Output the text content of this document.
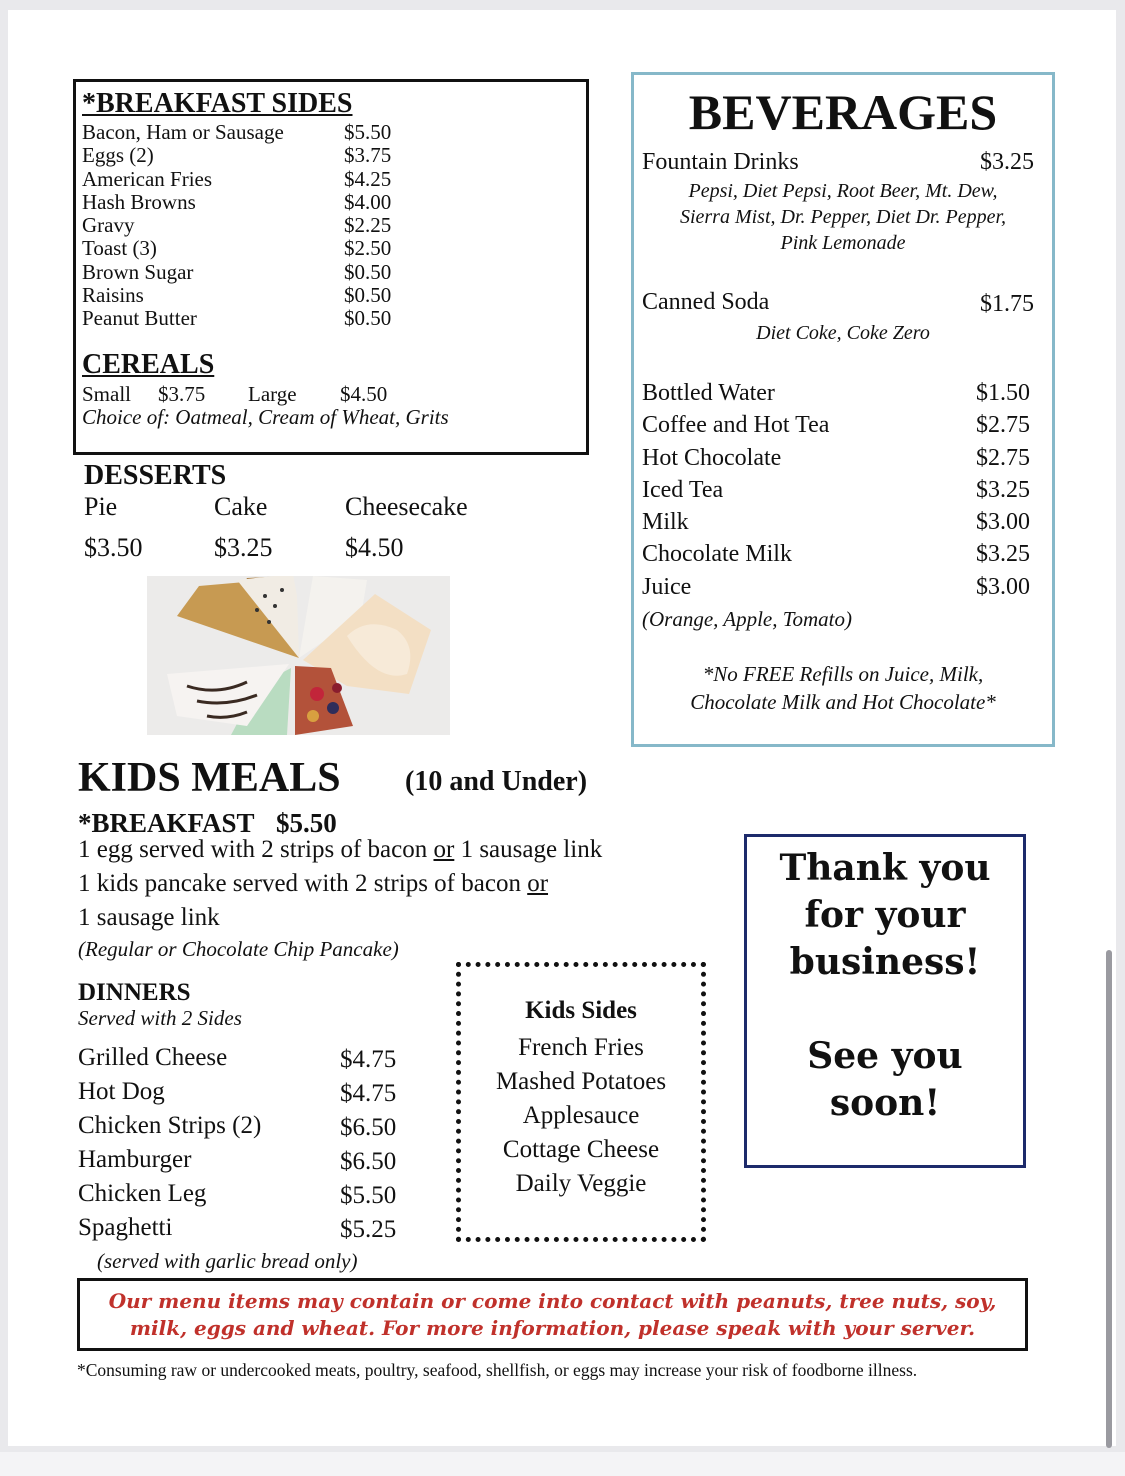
*BREAKFAST SIDES
Bacon, Ham or Sausage	$5.50
Eggs (2)	$3.75
American Fries	$4.25
Hash Browns	$4.00
Gravy	$2.25
Toast (3)	$2.50
Brown Sugar	$0.50
Raisins	$0.50
Peanut Butter	$0.50
CEREALS
Small $3.75 Large $4.50
Choice of: Oatmeal, Cream of Wheat, Grits
DESSERTS
Pie	Cake	Cheesecake
$3.50	$3.25	$4.50
BEVERAGES
Fountain Drinks	$3.25
Pepsi, Diet Pepsi, Root Beer, Mt. Dew,
Sierra Mist, Dr. Pepper, Diet Dr. Pepper,
Pink Lemonade
Canned Soda	$1.75
Diet Coke, Coke Zero
Bottled Water	$1.50
Coffee and Hot Tea	$2.75
Hot Chocolate	$2.75
Iced Tea	$3.25
Milk	$3.00
Chocolate Milk	$3.25
Juice	$3.00
(Orange, Apple, Tomato)
*No FREE Refills on Juice, Milk,
Chocolate Milk and Hot Chocolate*
KIDS MEALS (10 and Under)
*BREAKFAST $5.50
1 egg served with 2 strips of bacon or 1 sausage link
1 kids pancake served with 2 strips of bacon or
1 sausage link
(Regular or Chocolate Chip Pancake)
DINNERS
Served with 2 Sides
Grilled Cheese	$4.75
Hot Dog	$4.75
Chicken Strips (2)	$6.50
Hamburger	$6.50
Chicken Leg	$5.50
Spaghetti	$5.25
(served with garlic bread only)
Kids Sides
French Fries
Mashed Potatoes
Applesauce
Cottage Cheese
Daily Veggie
Thank you
for your
business!
See you
soon!
Our menu items may contain or come into contact with peanuts, tree nuts, soy,
milk, eggs and wheat. For more information, please speak with your server.
*Consuming raw or undercooked meats, poultry, seafood, shellfish, or eggs may increase your risk of foodborne illness.
